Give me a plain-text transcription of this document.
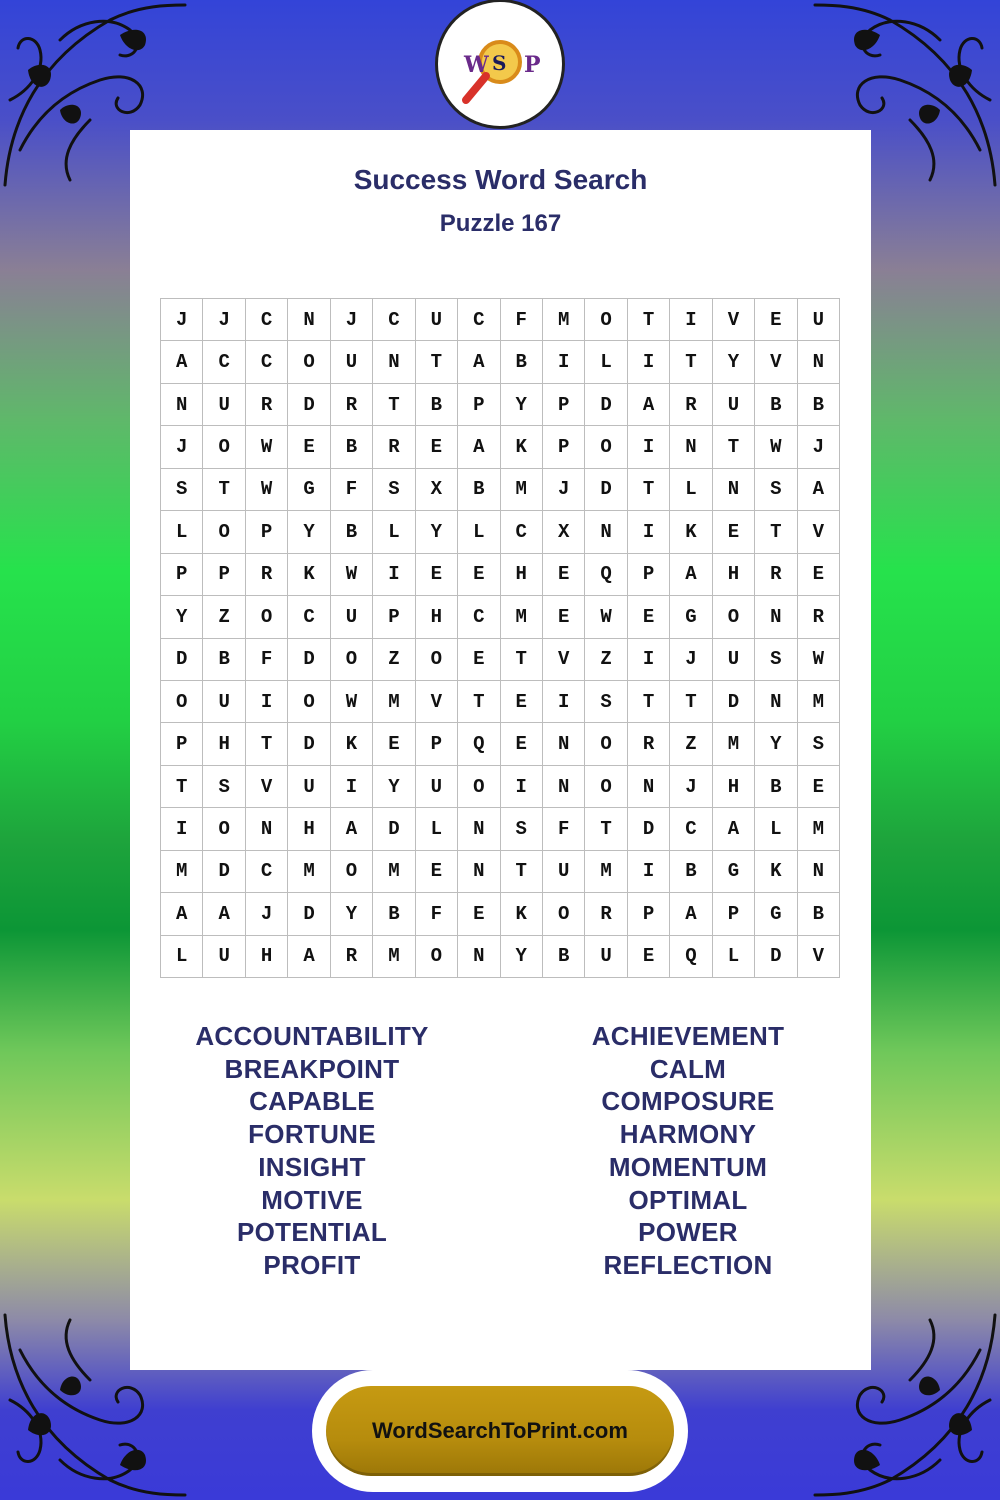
W S P
Success Word Search
Puzzle 167
J	J	C	N	J	C	U	C	F	M	O	T	I	V	E	U
A	C	C	O	U	N	T	A	B	I	L	I	T	Y	V	N
N	U	R	D	R	T	B	P	Y	P	D	A	R	U	B	B
J	O	W	E	B	R	E	A	K	P	O	I	N	T	W	J
S	T	W	G	F	S	X	B	M	J	D	T	L	N	S	A
L	O	P	Y	B	L	Y	L	C	X	N	I	K	E	T	V
P	P	R	K	W	I	E	E	H	E	Q	P	A	H	R	E
Y	Z	O	C	U	P	H	C	M	E	W	E	G	O	N	R
D	B	F	D	O	Z	O	E	T	V	Z	I	J	U	S	W
O	U	I	O	W	M	V	T	E	I	S	T	T	D	N	M
P	H	T	D	K	E	P	Q	E	N	O	R	Z	M	Y	S
T	S	V	U	I	Y	U	O	I	N	O	N	J	H	B	E
I	O	N	H	A	D	L	N	S	F	T	D	C	A	L	M
M	D	C	M	O	M	E	N	T	U	M	I	B	G	K	N
A	A	J	D	Y	B	F	E	K	O	R	P	A	P	G	B
L	U	H	A	R	M	O	N	Y	B	U	E	Q	L	D	V
ACCOUNTABILITY
BREAKPOINT
CAPABLE
FORTUNE
INSIGHT
MOTIVE
POTENTIAL
PROFIT
ACHIEVEMENT
CALM
COMPOSURE
HARMONY
MOMENTUM
OPTIMAL
POWER
REFLECTION
WordSearchToPrint.com
